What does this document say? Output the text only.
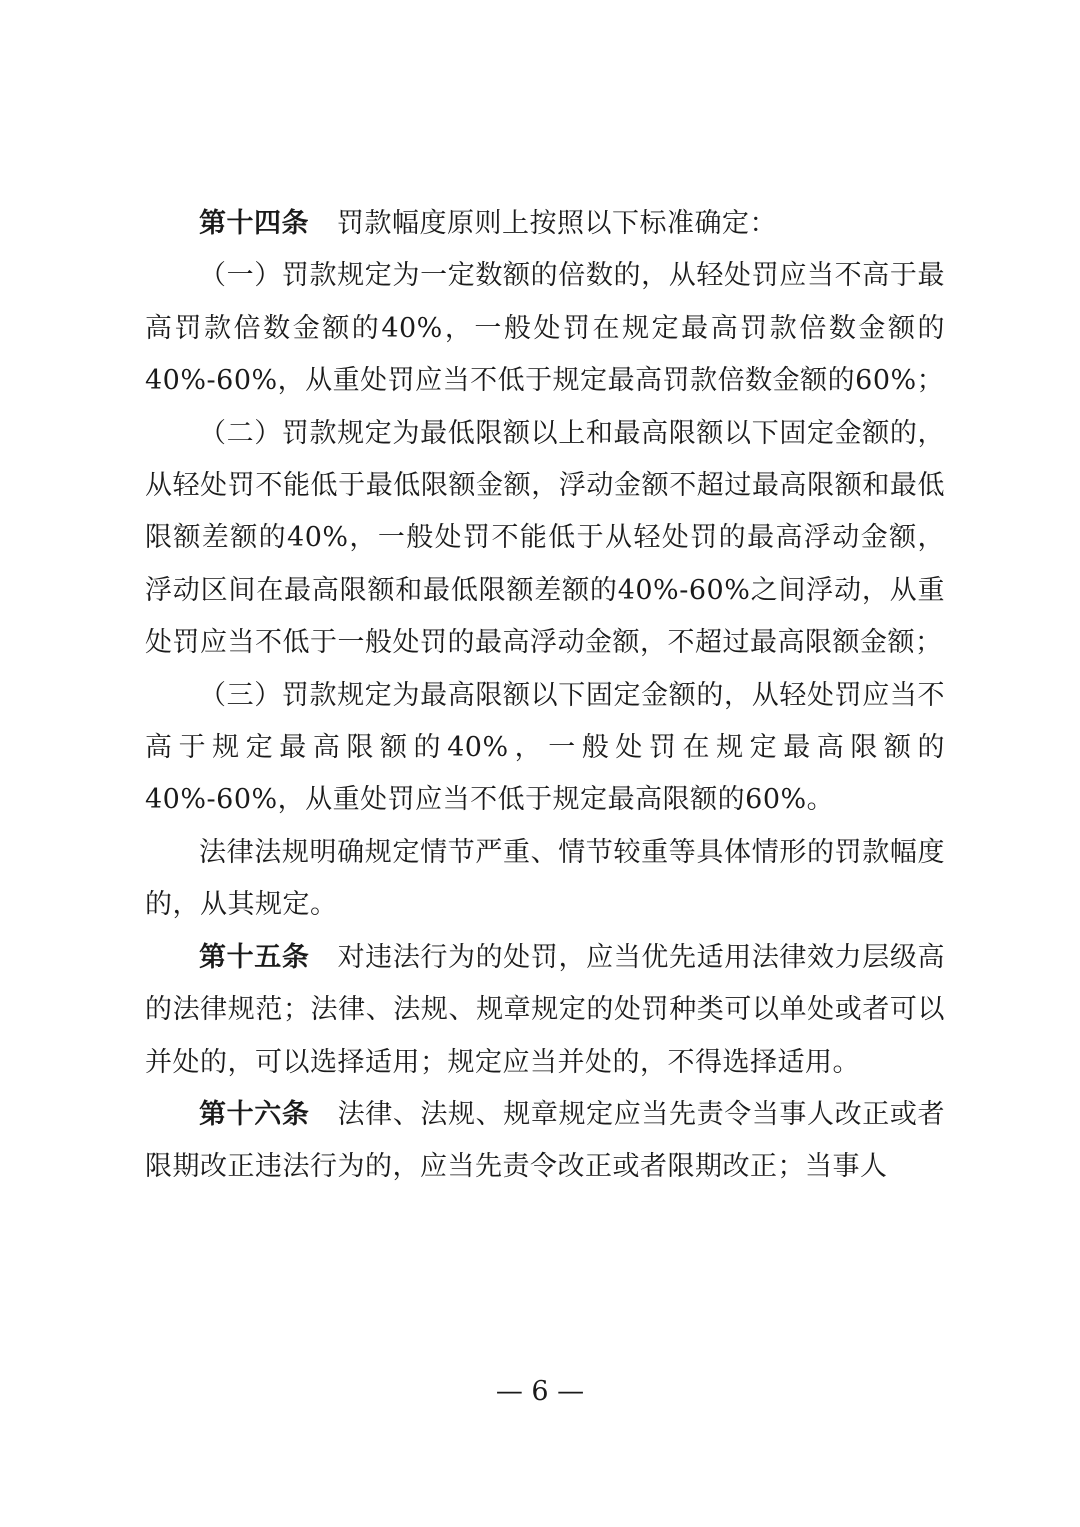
第十四条 罚款幅度原则上按照以下标准确定：

（一）罚款规定为一定数额的倍数的，从轻处罚应当不高于最高罚款倍数金额的40%，一般处罚在规定最高罚款倍数金额的40%-60%，从重处罚应当不低于规定最高罚款倍数金额的60%；

（二）罚款规定为最低限额以上和最高限额以下固定金额的，从轻处罚不能低于最低限额金额，浮动金额不超过最高限额和最低限额差额的40%，一般处罚不能低于从轻处罚的最高浮动金额，浮动区间在最高限额和最低限额差额的40%-60%之间浮动，从重处罚应当不低于一般处罚的最高浮动金额，不超过最高限额金额；

（三）罚款规定为最高限额以下固定金额的，从轻处罚应当不高于规定最高限额的40%，一般处罚在规定最高限额的40%-60%，从重处罚应当不低于规定最高限额的60%。

法律法规明确规定情节严重、情节较重等具体情形的罚款幅度的，从其规定。

第十五条 对违法行为的处罚，应当优先适用法律效力层级高的法律规范；法律、法规、规章规定的处罚种类可以单处或者可以并处的，可以选择适用；规定应当并处的，不得选择适用。

第十六条 法律、法规、规章规定应当先责令当事人改正或者限期改正违法行为的，应当先责令改正或者限期改正；当事人

— 6 —
